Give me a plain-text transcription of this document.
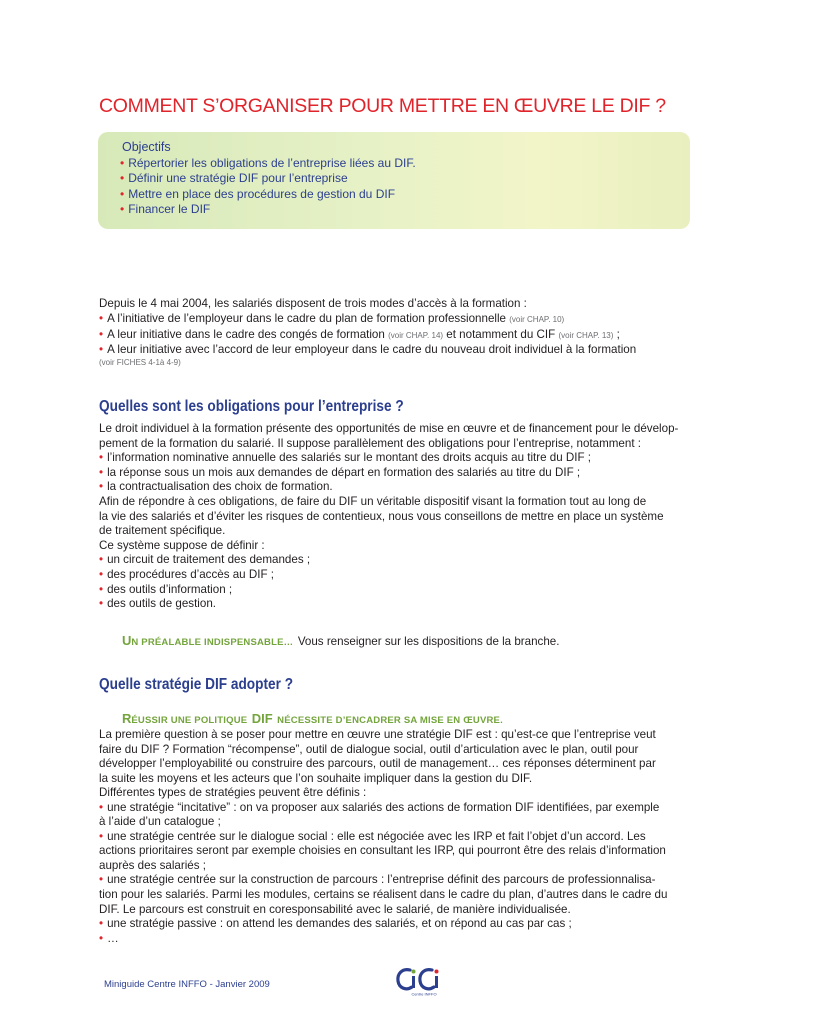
COMMENT S’ORGANISER POUR METTRE EN ŒUVRE LE DIF ?
Objectifs
• Répertorier les obligations de l’entreprise liées au DIF.
• Définir une stratégie DIF pour l’entreprise
• Mettre en place des procédures de gestion du DIF
• Financer le DIF
Depuis le 4 mai 2004, les salariés disposent de trois modes d’accès à la formation :
• A l’initiative de l’employeur dans le cadre du plan de formation professionnelle (voir CHAP. 10)
• A leur initiative dans le cadre des congés de formation (voir CHAP. 14) et notamment du CIF (voir CHAP. 13) ;
• A leur initiative avec l’accord de leur employeur dans le cadre du nouveau droit individuel à la formation
(voir FICHES 4-1à 4-9)
Quelles sont les obligations pour l’entreprise ?
Le droit individuel à la formation présente des opportunités de mise en œuvre et de financement pour le dévelop-
pement de la formation du salarié. Il suppose parallèlement des obligations pour l’entreprise, notamment :
• l’information nominative annuelle des salariés sur le montant des droits acquis au titre du DIF ;
• la réponse sous un mois aux demandes de départ en formation des salariés au titre du DIF ;
• la contractualisation des choix de formation.
Afin de répondre à ces obligations, de faire du DIF un véritable dispositif visant la formation tout au long de
la vie des salariés et d’éviter les risques de contentieux, nous vous conseillons de mettre en place un système
de traitement spécifique.
Ce système suppose de définir :
• un circuit de traitement des demandes ;
• des procédures d’accès au DIF ;
• des outils d’information ;
• des outils de gestion.
UN PRÉALABLE INDISPENSABLE… Vous renseigner sur les dispositions de la branche.
Quelle stratégie DIF adopter ?
RÉUSSIR UNE POLITIQUE DIF NÉCESSITE D’ENCADRER SA MISE EN ŒUVRE.
La première question à se poser pour mettre en œuvre une stratégie DIF est : qu’est-ce que l’entreprise veut
faire du DIF ? Formation “récompense”, outil de dialogue social, outil d’articulation avec le plan, outil pour
développer l’employabilité ou construire des parcours, outil de management… ces réponses déterminent par
la suite les moyens et les acteurs que l’on souhaite impliquer dans la gestion du DIF.
Différentes types de stratégies peuvent être définis :
• une stratégie “incitative” : on va proposer aux salariés des actions de formation DIF identifiées, par exemple
à l’aide d’un catalogue ;
• une stratégie centrée sur le dialogue social : elle est négociée avec les IRP et fait l’objet d’un accord. Les
actions prioritaires seront par exemple choisies en consultant les IRP, qui pourront être des relais d’information
auprès des salariés ;
• une stratégie centrée sur la construction de parcours : l’entreprise définit des parcours de professionnalisa-
tion pour les salariés. Parmi les modules, certains se réalisent dans le cadre du plan, d’autres dans le cadre du
DIF. Le parcours est construit en coresponsabilité avec le salarié, de manière individualisée.
• une stratégie passive : on attend les demandes des salariés, et on répond au cas par cas ;
• …
Miniguide Centre INFFO - Janvier 2009
Centre INFFO
